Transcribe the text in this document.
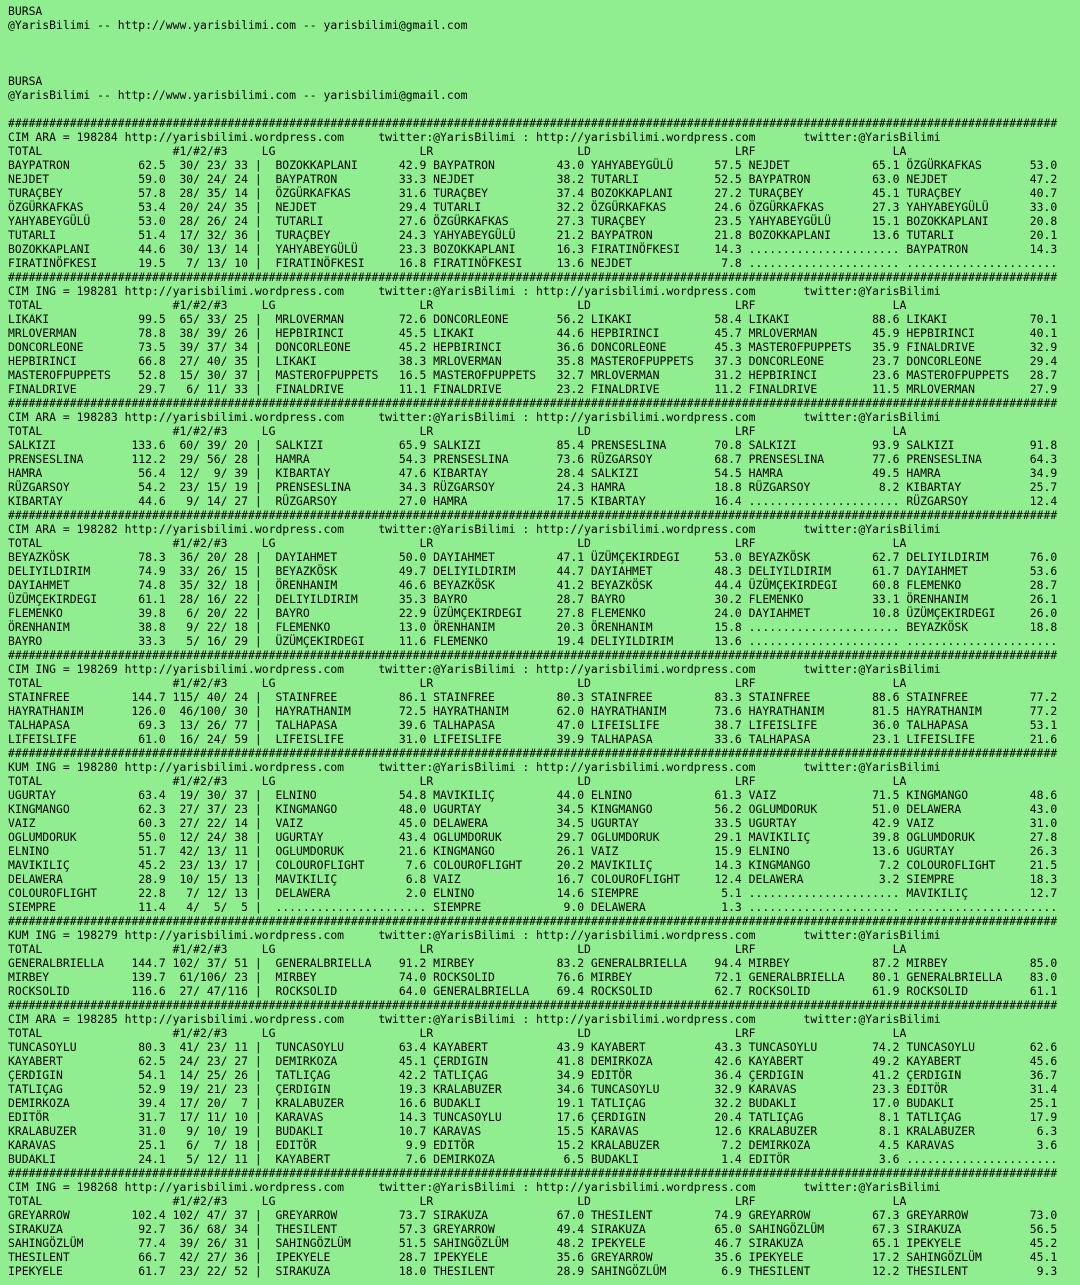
BURSA
@YarisBilimi -- http://www.yarisbilimi.com -- yarisbilimi@gmail.com
BURSA
@YarisBilimi -- http://www.yarisbilimi.com -- yarisbilimi@gmail.com
#########################################################################################################################################################
CIM ARA = 198284 http://yarisbilimi.wordpress.com     twitter:@YarisBilimi : http://yarisbilimi.wordpress.com       twitter:@YarisBilimi
TOTAL                   #1/#2/#3     LG                     LR                     LD                     LRF                    LA
BAYPATRON          62.5  30/ 23/ 33 |  BOZOKKAPLANI      42.9 BAYPATRON         43.0 YAHYABEYGÜLÜ      57.5 NEJDET            65.1 ÖZGÜRKAFKAS       53.0
NEJDET             59.0  30/ 24/ 24 |  BAYPATRON         33.3 NEJDET            38.2 TUTARLI           52.5 BAYPATRON         63.0 NEJDET            47.2
TURAÇBEY           57.8  28/ 35/ 14 |  ÖZGÜRKAFKAS       31.6 TURAÇBEY          37.4 BOZOKKAPLANI      27.2 TURAÇBEY          45.1 TURAÇBEY          40.7
ÖZGÜRKAFKAS        53.4  20/ 24/ 35 |  NEJDET            29.4 TUTARLI           32.2 ÖZGÜRKAFKAS       24.6 ÖZGÜRKAFKAS       27.3 YAHYABEYGÜLÜ      33.0
YAHYABEYGÜLÜ       53.0  28/ 26/ 24 |  TUTARLI           27.6 ÖZGÜRKAFKAS       27.3 TURAÇBEY          23.5 YAHYABEYGÜLÜ      15.1 BOZOKKAPLANI      20.8
TUTARLI            51.4  17/ 32/ 36 |  TURAÇBEY          24.3 YAHYABEYGÜLÜ      21.2 BAYPATRON         21.8 BOZOKKAPLANI      13.6 TUTARLI           20.1
BOZOKKAPLANI       44.6  30/ 13/ 14 |  YAHYABEYGÜLÜ      23.3 BOZOKKAPLANI      16.3 FIRATINÖFKESI     14.3 ...................... BAYPATRON         14.3
FIRATINÖFKESI      19.5   7/ 13/ 10 |  FIRATINÖFKESI     16.8 FIRATINÖFKESI     13.6 NEJDET             7.8 ...................... ......................
#########################################################################################################################################################
CIM ING = 198281 http://yarisbilimi.wordpress.com     twitter:@YarisBilimi : http://yarisbilimi.wordpress.com       twitter:@YarisBilimi
TOTAL                   #1/#2/#3     LG                     LR                     LD                     LRF                    LA
LIKAKI             99.5  65/ 33/ 25 |  MRLOVERMAN        72.6 DONCORLEONE       56.2 LIKAKI            58.4 LIKAKI            88.6 LIKAKI            70.1
MRLOVERMAN         78.8  38/ 39/ 26 |  HEPBIRINCI        45.5 LIKAKI            44.6 HEPBIRINCI        45.7 MRLOVERMAN        45.9 HEPBIRINCI        40.1
DONCORLEONE        73.5  39/ 37/ 34 |  DONCORLEONE       45.2 HEPBIRINCI        36.6 DONCORLEONE       45.3 MASTEROFPUPPETS   35.9 FINALDRIVE        32.9
HEPBIRINCI         66.8  27/ 40/ 35 |  LIKAKI            38.3 MRLOVERMAN        35.8 MASTEROFPUPPETS   37.3 DONCORLEONE       23.7 DONCORLEONE       29.4
MASTEROFPUPPETS    52.8  15/ 30/ 37 |  MASTEROFPUPPETS   16.5 MASTEROFPUPPETS   32.7 MRLOVERMAN        31.2 HEPBIRINCI        23.6 MASTEROFPUPPETS   28.7
FINALDRIVE         29.7   6/ 11/ 33 |  FINALDRIVE        11.1 FINALDRIVE        23.2 FINALDRIVE        11.2 FINALDRIVE        11.5 MRLOVERMAN        27.9
#########################################################################################################################################################
CIM ARA = 198283 http://yarisbilimi.wordpress.com     twitter:@YarisBilimi : http://yarisbilimi.wordpress.com       twitter:@YarisBilimi
TOTAL                   #1/#2/#3     LG                     LR                     LD                     LRF                    LA
SALKIZI           133.6  60/ 39/ 20 |  SALKIZI           65.9 SALKIZI           85.4 PRENSESLINA       70.8 SALKIZI           93.9 SALKIZI           91.8
PRENSESLINA       112.2  29/ 56/ 28 |  HAMRA             54.3 PRENSESLINA       73.6 RÜZGARSOY         68.7 PRENSESLINA       77.6 PRENSESLINA       64.3
HAMRA              56.4  12/  9/ 39 |  KIBARTAY          47.6 KIBARTAY          28.4 SALKIZI           54.5 HAMRA             49.5 HAMRA             34.9
RÜZGARSOY          54.2  23/ 15/ 19 |  PRENSESLINA       34.3 RÜZGARSOY         24.3 HAMRA             18.8 RÜZGARSOY          8.2 KIBARTAY          25.7
KIBARTAY           44.6   9/ 14/ 27 |  RÜZGARSOY         27.0 HAMRA             17.5 KIBARTAY          16.4 ...................... RÜZGARSOY         12.4
#########################################################################################################################################################
CIM ARA = 198282 http://yarisbilimi.wordpress.com     twitter:@YarisBilimi : http://yarisbilimi.wordpress.com       twitter:@YarisBilimi
TOTAL                   #1/#2/#3     LG                     LR                     LD                     LRF                    LA
BEYAZKÖSK          78.3  36/ 20/ 28 |  DAYIAHMET         50.0 DAYIAHMET         47.1 ÜZÜMÇEKIRDEGI     53.0 BEYAZKÖSK         62.7 DELIYILDIRIM      76.0
DELIYILDIRIM       74.9  33/ 26/ 15 |  BEYAZKÖSK         49.7 DELIYILDIRIM      44.7 DAYIAHMET         48.3 DELIYILDIRIM      61.7 DAYIAHMET         53.6
DAYIAHMET          74.8  35/ 32/ 18 |  ÖRENHANIM         46.6 BEYAZKÖSK         41.2 BEYAZKÖSK         44.4 ÜZÜMÇEKIRDEGI     60.8 FLEMENKO          28.7
ÜZÜMÇEKIRDEGI      61.1  28/ 16/ 22 |  DELIYILDIRIM      35.3 BAYRO             28.7 BAYRO             30.2 FLEMENKO          33.1 ÖRENHANIM         26.1
FLEMENKO           39.8   6/ 20/ 22 |  BAYRO             22.9 ÜZÜMÇEKIRDEGI     27.8 FLEMENKO          24.0 DAYIAHMET         10.8 ÜZÜMÇEKIRDEGI     26.0
ÖRENHANIM          38.8   9/ 22/ 18 |  FLEMENKO          13.0 ÖRENHANIM         20.3 ÖRENHANIM         15.8 ...................... BEYAZKÖSK         18.8
BAYRO              33.3   5/ 16/ 29 |  ÜZÜMÇEKIRDEGI     11.6 FLEMENKO          19.4 DELIYILDIRIM      13.6 ...................... ......................
#########################################################################################################################################################
CIM ING = 198269 http://yarisbilimi.wordpress.com     twitter:@YarisBilimi : http://yarisbilimi.wordpress.com       twitter:@YarisBilimi
TOTAL                   #1/#2/#3     LG                     LR                     LD                     LRF                    LA
STAINFREE         144.7 115/ 40/ 24 |  STAINFREE         86.1 STAINFREE         80.3 STAINFREE         83.3 STAINFREE         88.6 STAINFREE         77.2
HAYRATHANIM       126.0  46/100/ 30 |  HAYRATHANIM       72.5 HAYRATHANIM       62.0 HAYRATHANIM       73.6 HAYRATHANIM       81.5 HAYRATHANIM       77.2
TALHAPASA          69.3  13/ 26/ 77 |  TALHAPASA         39.6 TALHAPASA         47.0 LIFEISLIFE        38.7 LIFEISLIFE        36.0 TALHAPASA         53.1
LIFEISLIFE         61.0  16/ 24/ 59 |  LIFEISLIFE        31.0 LIFEISLIFE        39.9 TALHAPASA         33.6 TALHAPASA         23.1 LIFEISLIFE        21.6
#########################################################################################################################################################
KUM ING = 198280 http://yarisbilimi.wordpress.com     twitter:@YarisBilimi : http://yarisbilimi.wordpress.com       twitter:@YarisBilimi
TOTAL                   #1/#2/#3     LG                     LR                     LD                     LRF                    LA
UGURTAY            63.4  19/ 30/ 37 |  ELNINO            54.8 MAVIKILIÇ         44.0 ELNINO            61.3 VAIZ              71.5 KINGMANGO         48.6
KINGMANGO          62.3  27/ 37/ 23 |  KINGMANGO         48.0 UGURTAY           34.5 KINGMANGO         56.2 OGLUMDORUK        51.0 DELAWERA          43.0
VAIZ               60.3  27/ 22/ 14 |  VAIZ              45.0 DELAWERA          34.5 UGURTAY           33.5 UGURTAY           42.9 VAIZ              31.0
OGLUMDORUK         55.0  12/ 24/ 38 |  UGURTAY           43.4 OGLUMDORUK        29.7 OGLUMDORUK        29.1 MAVIKILIÇ         39.8 OGLUMDORUK        27.8
ELNINO             51.7  42/ 13/ 11 |  OGLUMDORUK        21.6 KINGMANGO         26.1 VAIZ              15.9 ELNINO            13.6 UGURTAY           26.3
MAVIKILIÇ          45.2  23/ 13/ 17 |  COLOUROFLIGHT      7.6 COLOUROFLIGHT     20.2 MAVIKILIÇ         14.3 KINGMANGO          7.2 COLOUROFLIGHT     21.5
DELAWERA           28.9  10/ 15/ 13 |  MAVIKILIÇ          6.8 VAIZ              16.7 COLOUROFLIGHT     12.4 DELAWERA           3.2 SIEMPRE           18.3
COLOUROFLIGHT      22.8   7/ 12/ 13 |  DELAWERA           2.0 ELNINO            14.6 SIEMPRE            5.1 ...................... MAVIKILIÇ         12.7
SIEMPRE            11.4   4/  5/  5 |  ...................... SIEMPRE            9.0 DELAWERA           1.3 ...................... ......................
#########################################################################################################################################################
KUM ING = 198279 http://yarisbilimi.wordpress.com     twitter:@YarisBilimi : http://yarisbilimi.wordpress.com       twitter:@YarisBilimi
TOTAL                   #1/#2/#3     LG                     LR                     LD                     LRF                    LA
GENERALBRIELLA    144.7 102/ 37/ 51 |  GENERALBRIELLA    91.2 MIRBEY            83.2 GENERALBRIELLA    94.4 MIRBEY            87.2 MIRBEY            85.0
MIRBEY            139.7  61/106/ 23 |  MIRBEY            74.0 ROCKSOLID         76.6 MIRBEY            72.1 GENERALBRIELLA    80.1 GENERALBRIELLA    83.0
ROCKSOLID         116.6  27/ 47/116 |  ROCKSOLID         64.0 GENERALBRIELLA    69.4 ROCKSOLID         62.7 ROCKSOLID         61.9 ROCKSOLID         61.1
#########################################################################################################################################################
CIM ARA = 198285 http://yarisbilimi.wordpress.com     twitter:@YarisBilimi : http://yarisbilimi.wordpress.com       twitter:@YarisBilimi
TOTAL                   #1/#2/#3     LG                     LR                     LD                     LRF                    LA
TUNCASOYLU         80.3  41/ 23/ 11 |  TUNCASOYLU        63.4 KAYABERT          43.9 KAYABERT          43.3 TUNCASOYLU        74.2 TUNCASOYLU        62.6
KAYABERT           62.5  24/ 23/ 27 |  DEMIRKOZA         45.1 ÇERDIGIN          41.8 DEMIRKOZA         42.6 KAYABERT          49.2 KAYABERT          45.6
ÇERDIGIN           54.1  14/ 25/ 26 |  TATLIÇAG          42.2 TATLIÇAG          34.9 EDITÖR            36.4 ÇERDIGIN          41.2 ÇERDIGIN          36.7
TATLIÇAG           52.9  19/ 21/ 23 |  ÇERDIGIN          19.3 KRALABUZER        34.6 TUNCASOYLU        32.9 KARAVAS           23.3 EDITÖR            31.4
DEMIRKOZA          39.4  17/ 20/  7 |  KRALABUZER        16.6 BUDAKLI           19.1 TATLIÇAG          32.2 BUDAKLI           17.0 BUDAKLI           25.1
EDITÖR             31.7  17/ 11/ 10 |  KARAVAS           14.3 TUNCASOYLU        17.6 ÇERDIGIN          20.4 TATLIÇAG           8.1 TATLIÇAG          17.9
KRALABUZER         31.0   9/ 10/ 19 |  BUDAKLI           10.7 KARAVAS           15.5 KARAVAS           12.6 KRALABUZER         8.1 KRALABUZER         6.3
KARAVAS            25.1   6/  7/ 18 |  EDITÖR             9.9 EDITÖR            15.2 KRALABUZER         7.2 DEMIRKOZA          4.5 KARAVAS            3.6
BUDAKLI            24.1   5/ 12/ 11 |  KAYABERT           7.6 DEMIRKOZA          6.5 BUDAKLI            1.4 EDITÖR             3.6 ......................
#########################################################################################################################################################
CIM ING = 198268 http://yarisbilimi.wordpress.com     twitter:@YarisBilimi : http://yarisbilimi.wordpress.com       twitter:@YarisBilimi
TOTAL                   #1/#2/#3     LG                     LR                     LD                     LRF                    LA
GREYARROW         102.4 102/ 47/ 37 |  GREYARROW         73.7 SIRAKUZA          67.0 THESILENT         74.9 GREYARROW         67.3 GREYARROW         73.0
SIRAKUZA           92.7  36/ 68/ 34 |  THESILENT         57.3 GREYARROW         49.4 SIRAKUZA          65.0 SAHINGÖZLÜM       67.3 SIRAKUZA          56.5
SAHINGÖZLÜM        77.4  39/ 26/ 31 |  SAHINGÖZLÜM       51.5 SAHINGÖZLÜM       48.2 IPEKYELE          46.7 SIRAKUZA          65.1 IPEKYELE          45.2
THESILENT          66.7  42/ 27/ 36 |  IPEKYELE          28.7 IPEKYELE          35.6 GREYARROW         35.6 IPEKYELE          17.2 SAHINGÖZLÜM       45.1
IPEKYELE           61.7  23/ 22/ 52 |  SIRAKUZA          18.0 THESILENT         28.9 SAHINGÖZLÜM        6.9 THESILENT         12.2 THESILENT          9.3
